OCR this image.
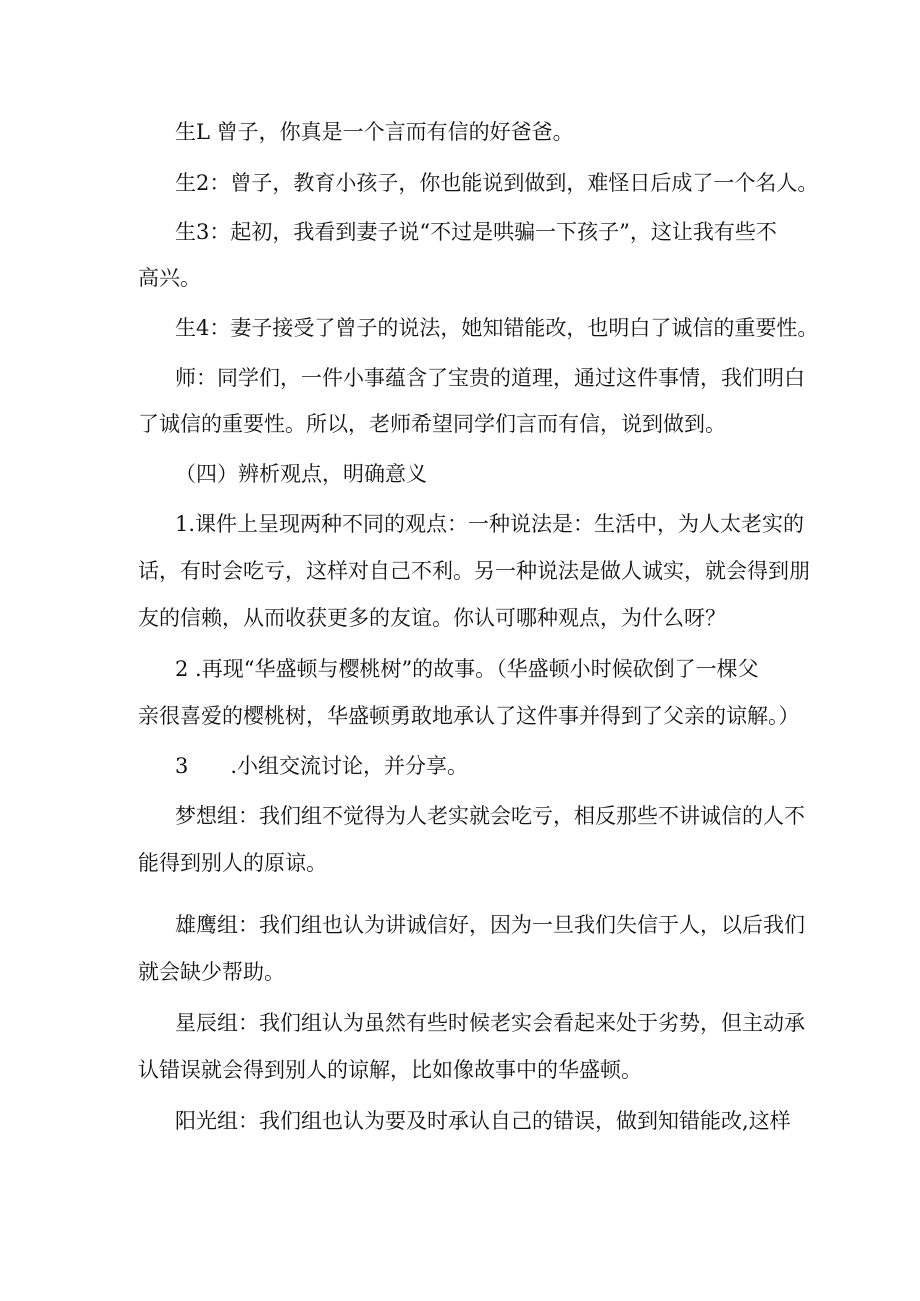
生L 曾子，你真是一个言而有信的好爸爸。
生2：曾子，教育小孩子，你也能说到做到，难怪日后成了一个名人。
生3：起初，我看到妻子说“不过是哄骗一下孩子”，这让我有些不
高兴。
生4：妻子接受了曾子的说法，她知错能改，也明白了诚信的重要性。
师：同学们，一件小事蕴含了宝贵的道理，通过这件事情，我们明白
了诚信的重要性。所以，老师希望同学们言而有信，说到做到。
（四）辨析观点，明确意义
1.课件上呈现两种不同的观点：一种说法是：生活中，为人太老实的
话，有时会吃亏，这样对自己不利。另一种说法是做人诚实，就会得到朋
友的信赖，从而收获更多的友谊。你认可哪种观点，为什么呀？
2 .再现“华盛顿与樱桃树”的故事。（华盛顿小时候砍倒了一棵父
亲很喜爱的樱桃树，华盛顿勇敢地承认了这件事并得到了父亲的谅解。）
3　　.小组交流讨论，并分享。
梦想组：我们组不觉得为人老实就会吃亏，相反那些不讲诚信的人不
能得到别人的原谅。
雄鹰组：我们组也认为讲诚信好，因为一旦我们失信于人，以后我们
就会缺少帮助。
星辰组：我们组认为虽然有些时候老实会看起来处于劣势，但主动承
认错误就会得到别人的谅解，比如像故事中的华盛顿。
阳光组：我们组也认为要及时承认自己的错误，做到知错能改,这样
